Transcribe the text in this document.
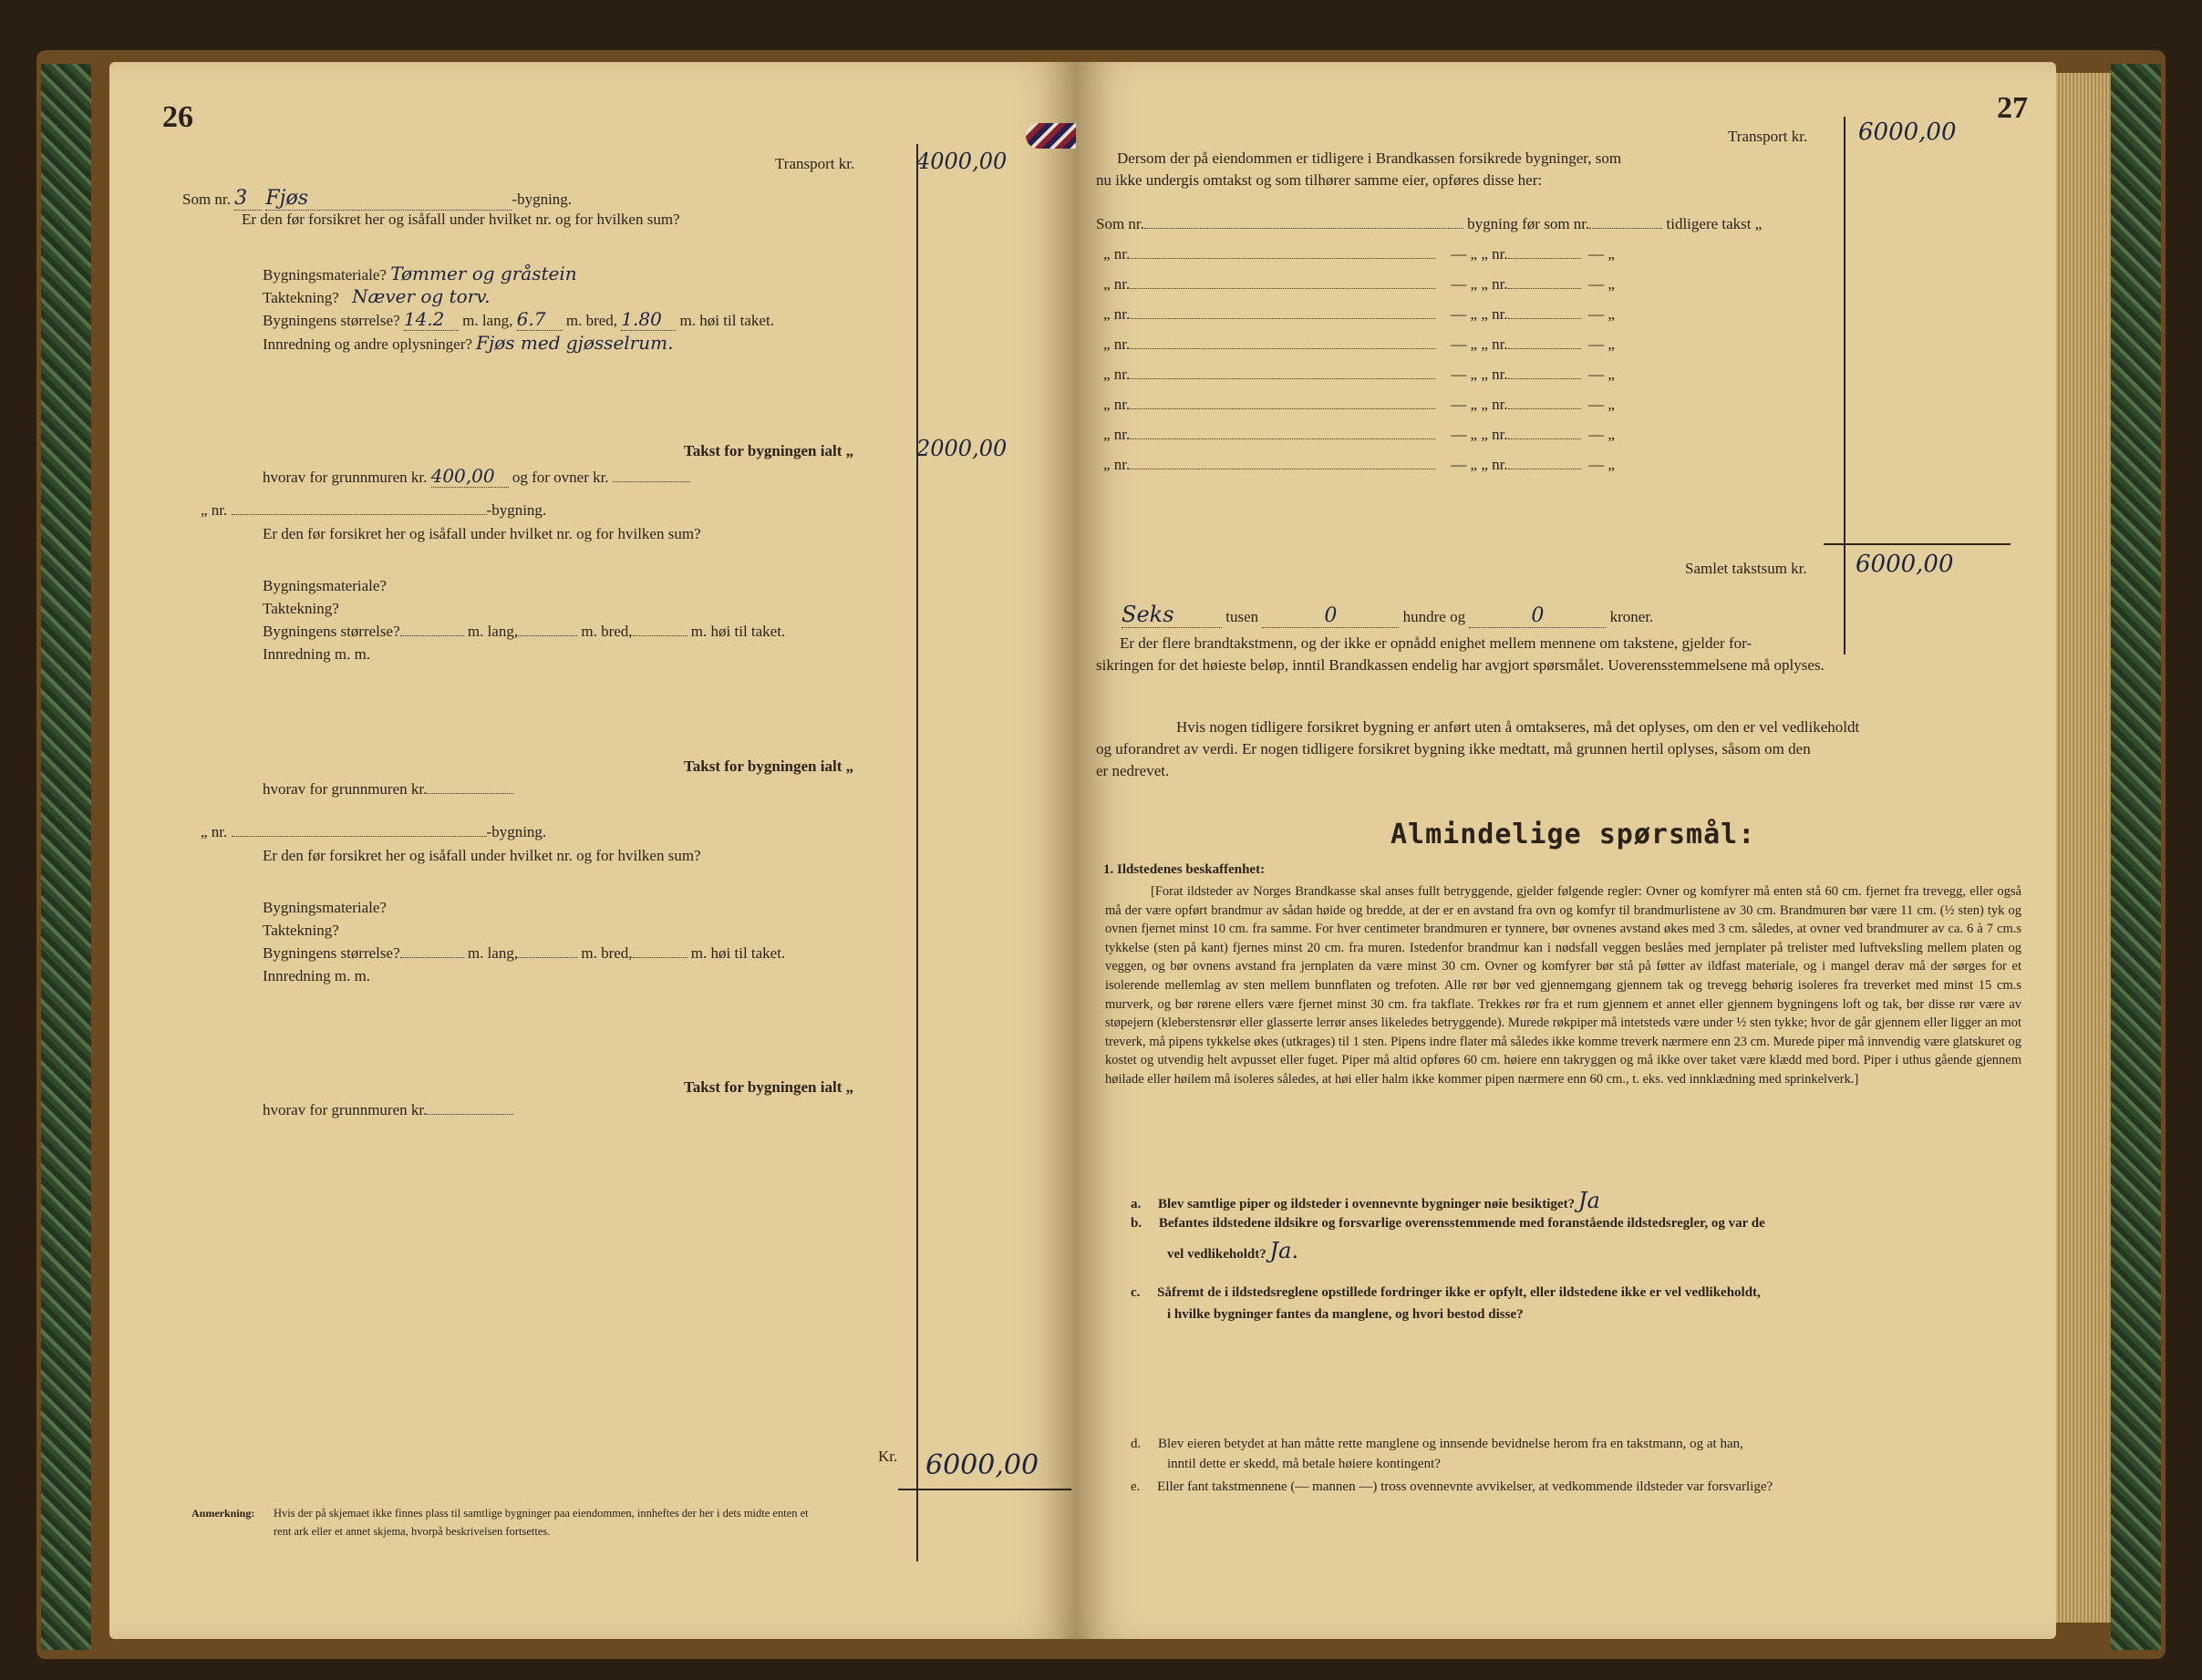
26
Transport kr.	4000,00
Som nr. 3 Fjøs	-bygning.
Er den før forsikret her og isåfall under hvilket nr. og for hvilken sum?
Bygningsmateriale? Tømmer og gråstein
Taktekning? Næver og torv.
Bygningens størrelse? 14.2 m. lang, 6.7 m. bred, 1.80 m. høi til taket.
Innredning og andre oplysninger? Fjøs med gjøsselrum.
Takst for bygningen ialt „	2000,00
hvorav for grunnmuren kr. 400,00 og for ovner kr.
„ nr.	-bygning.
Er den før forsikret her og isåfall under hvilket nr. og for hvilken sum?
Bygningsmateriale?
Taktekning?
Bygningens størrelse?	m. lang,	m. bred,	m. høi til taket.
Innredning m. m.
Takst for bygningen ialt „
hvorav for grunnmuren kr.
„ nr.	-bygning.
Er den før forsikret her og isåfall under hvilket nr. og for hvilken sum?
Bygningsmateriale?
Taktekning?
Bygningens størrelse?	m. lang,	m. bred,	m. høi til taket.
Innredning m. m.
Takst for bygningen ialt „
hvorav for grunnmuren kr.
Kr. 6000,00
Anmerkning: Hvis der på skjemaet ikke finnes plass til samtlige bygninger paa eiendommen, innheftes der her i dets midte enten et
rent ark eller et annet skjema, hvorpå beskrivelsen fortsettes.
27
Transport kr. 6000,00
Dersom der på eiendommen er tidligere i Brandkassen forsikrede bygninger, som
nu ikke undergis omtakst og som tilhører samme eier, opføres disse her:
Som nr.	bygning før som nr.	tidligere takst „
„ nr.	— „ „ nr.	— „
„ nr.	— „ „ nr.	— „
„ nr.	— „ „ nr.	— „
„ nr.	— „ „ nr.	— „
„ nr.	— „ „ nr.	— „
„ nr.	— „ „ nr.	— „
„ nr.	— „ „ nr.	— „
„ nr.	— „ „ nr.	— „
Samlet takstsum kr. 6000,00
Seks	tusen	0	hundre og	0	kroner.
Er der flere brandtakstmenn, og der ikke er opnådd enighet mellem mennene om takstene, gjelder for-
sikringen for det høieste beløp, inntil Brandkassen endelig har avgjort spørsmålet. Uoverensstemmelsene må oplyses.
Hvis nogen tidligere forsikret bygning er anført uten å omtakseres, må det oplyses, om den er vel vedlikeholdt
og uforandret av verdi. Er nogen tidligere forsikret bygning ikke medtatt, må grunnen hertil oplyses, såsom om den
er nedrevet.
Almindelige spørsmål:
1. Ildstedenes beskaffenhet:
[Forat ildsteder av Norges Brandkasse skal anses fullt betryggende, gjelder følgende regler: Ovner og komfyrer må enten stå 60 cm. fjernet fra trevegg, eller også må der være opført brandmur av sådan høide og bredde, at der er en avstand fra ovn og komfyr til brandmurlistene av 30 cm. Brandmuren bør være 11 cm. (½ sten) tyk og ovnen fjernet minst 10 cm. fra samme. For hver centimeter brandmuren er tynnere, bør ovnenes avstand økes med 3 cm. således, at ovner ved brandmurer av ca. 6 à 7 cm.s tykkelse (sten på kant) fjernes minst 20 cm. fra muren. Istedenfor brandmur kan i nødsfall veggen beslåes med jernplater på trelister med luftveksling mellem platen og veggen, og bør ovnens avstand fra jernplaten da være minst 30 cm. Ovner og komfyrer bør stå på føtter av ildfast materiale, og i mangel derav må der sørges for et isolerende mellemlag av sten mellem bunnflaten og trefoten. Alle rør bør ved gjennemgang gjennem tak og trevegg behørig isoleres fra treverket med minst 15 cm.s murverk, og bør rørene ellers være fjernet minst 30 cm. fra takflate. Trekkes rør fra et rum gjennem et annet eller gjennem bygningens loft og tak, bør disse rør være av støpejern (kleberstensrør eller glasserte lerrør anses likeledes betryggende). Murede røkpiper må intetsteds være under ½ sten tykke; hvor de går gjennem eller ligger an mot treverk, må pipens tykkelse økes (utkrages) til 1 sten. Pipens indre flater må således ikke komme treverk nærmere enn 23 cm. Murede piper må innvendig være glatskuret og kostet og utvendig helt avpusset eller fuget. Piper må altid opføres 60 cm. høiere enn takryggen og må ikke over taket være klædd med bord. Piper i uthus gående gjennem høilade eller høilem må isoleres således, at høi eller halm ikke kommer pipen nærmere enn 60 cm., t. eks. ved innklædning med sprinkelverk.]
a. Blev samtlige piper og ildsteder i ovennevnte bygninger nøie besiktiget? Ja
b. Befantes ildstedene ildsikre og forsvarlige overensstemmende med foranstående ildstedsregler, og var de
vel vedlikeholdt? Ja.
c. Såfremt de i ildstedsreglene opstillede fordringer ikke er opfylt, eller ildstedene ikke er vel vedlikeholdt,
i hvilke bygninger fantes da manglene, og hvori bestod disse?
d. Blev eieren betydet at han måtte rette manglene og innsende bevidnelse herom fra en takstmann, og at han,
inntil dette er skedd, må betale høiere kontingent?
e. Eller fant takstmennene (— mannen —) tross ovennevnte avvikelser, at vedkommende ildsteder var forsvarlige?
